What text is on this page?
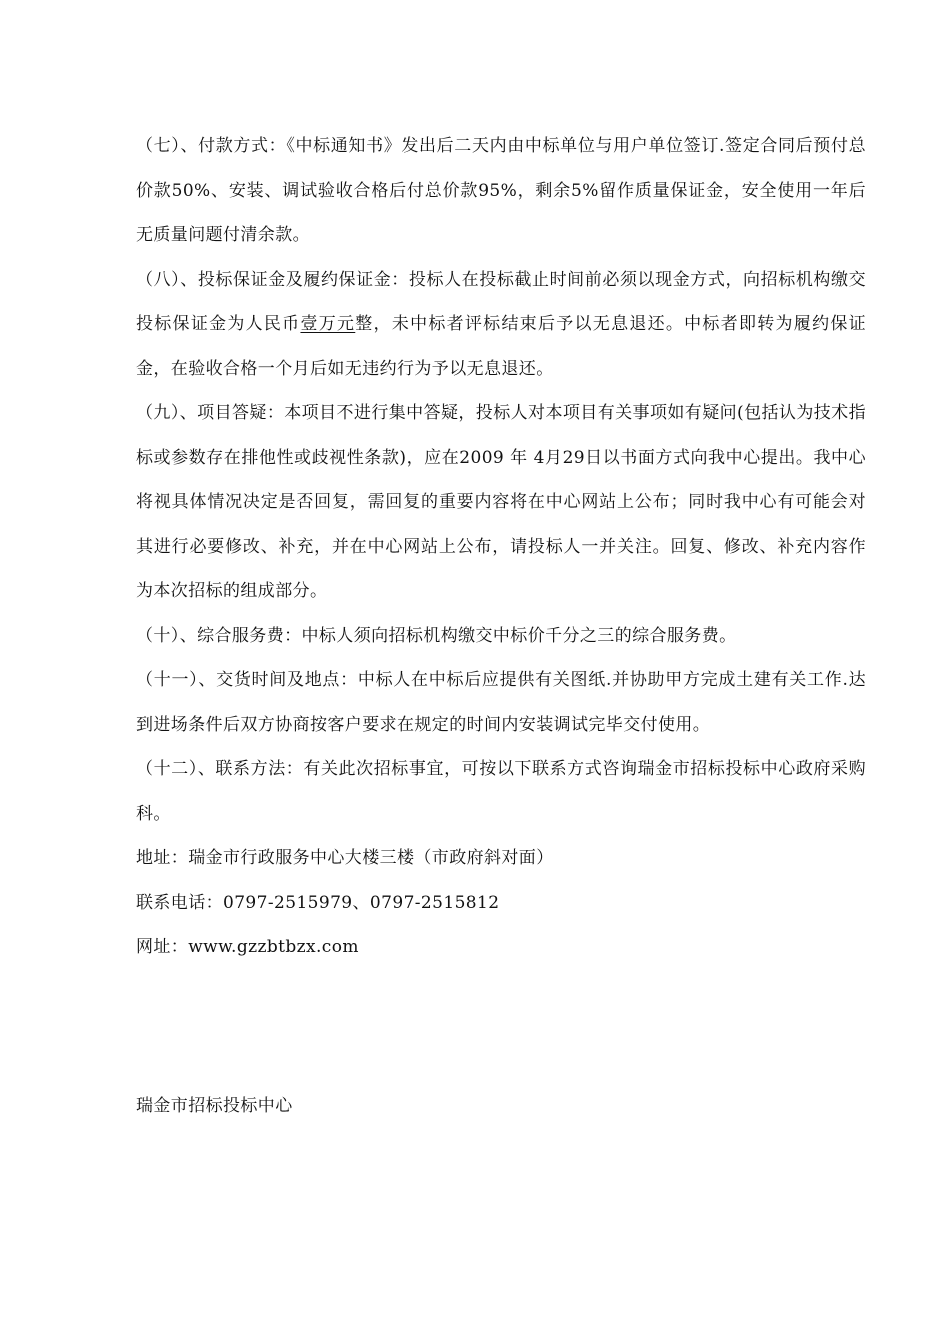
（七）、付款方式：《中标通知书》发出后二天内由中标单位与用户单位签订.签定合同后预付总价款50%、安装、调试验收合格后付总价款95%，剩余5%留作质量保证金，安全使用一年后无质量问题付清余款。

（八）、投标保证金及履约保证金：投标人在投标截止时间前必须以现金方式，向招标机构缴交投标保证金为人民币壹万元整，未中标者评标结束后予以无息退还。中标者即转为履约保证金，在验收合格一个月后如无违约行为予以无息退还。

（九）、项目答疑：本项目不进行集中答疑，投标人对本项目有关事项如有疑问(包括认为技术指标或参数存在排他性或歧视性条款)，应在2009 年 4月29日以书面方式向我中心提出。我中心将视具体情况决定是否回复，需回复的重要内容将在中心网站上公布；同时我中心有可能会对其进行必要修改、补充，并在中心网站上公布，请投标人一并关注。回复、修改、补充内容作为本次招标的组成部分。

（十）、综合服务费：中标人须向招标机构缴交中标价千分之三的综合服务费。

（十一）、交货时间及地点：中标人在中标后应提供有关图纸.并协助甲方完成土建有关工作.达到进场条件后双方协商按客户要求在规定的时间内安装调试完毕交付使用。

（十二）、联系方法：有关此次招标事宜，可按以下联系方式咨询瑞金市招标投标中心政府采购科。

地址：瑞金市行政服务中心大楼三楼（市政府斜对面）

联系电话：0797-2515979、0797-2515812

网址：www.gzzbtbzx.com

瑞金市招标投标中心
